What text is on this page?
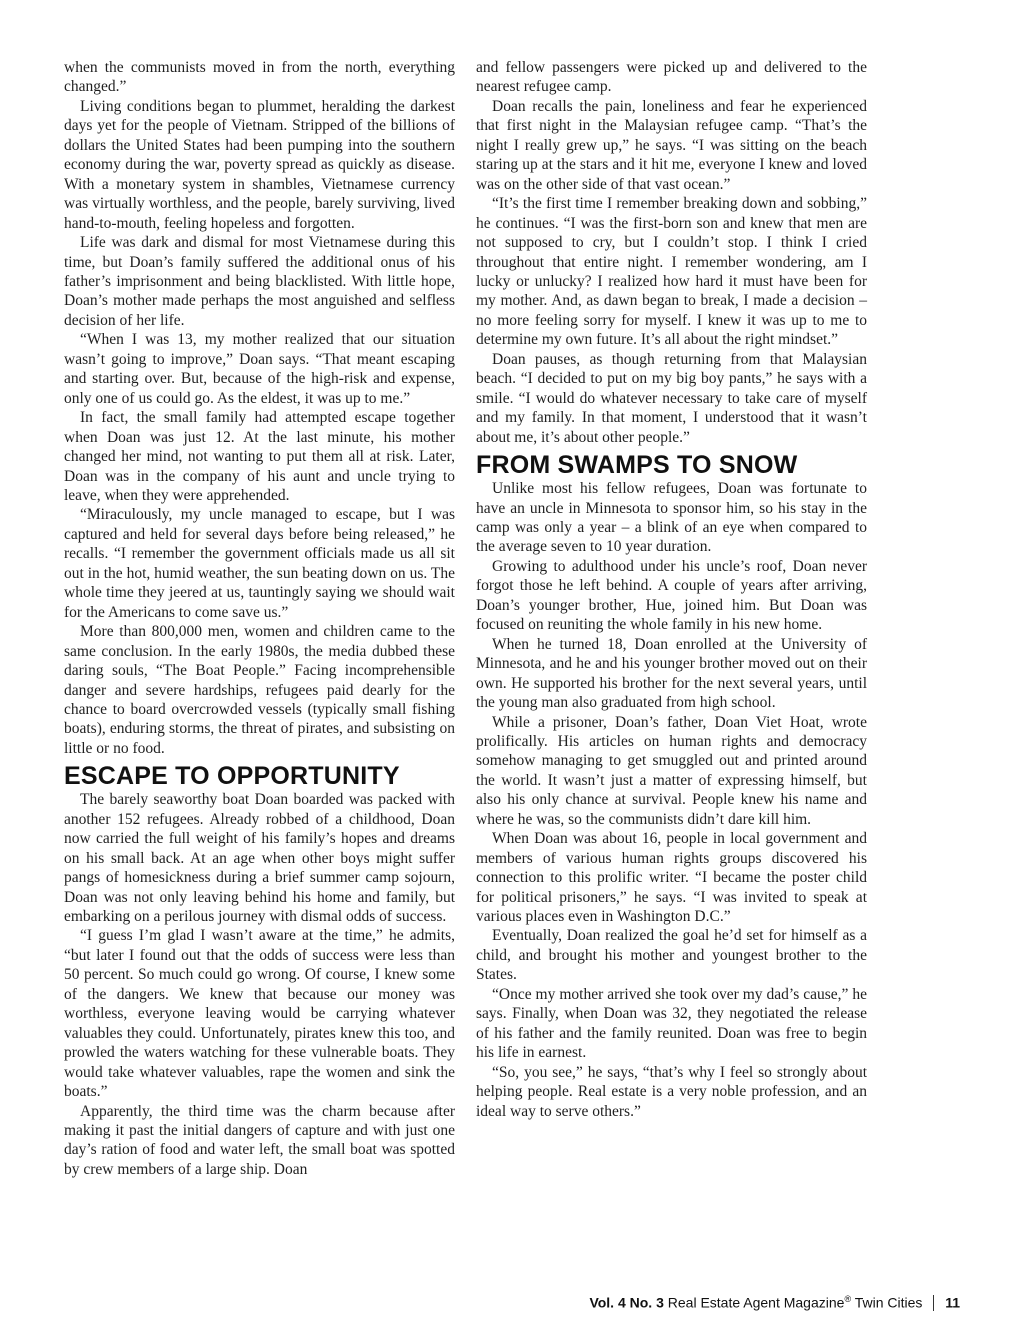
when the communists moved in from the north, everything changed.”

Living conditions began to plummet, heralding the darkest days yet for the people of Vietnam. Stripped of the billions of dollars the United States had been pumping into the southern economy during the war, poverty spread as quickly as disease. With a monetary system in shambles, Vietnamese currency was virtually worthless, and the people, barely surviving, lived hand-to-mouth, feeling hopeless and forgotten.

Life was dark and dismal for most Vietnamese during this time, but Doan’s family suffered the additional onus of his father’s imprisonment and being blacklisted. With little hope, Doan’s mother made perhaps the most anguished and selfless decision of her life.

“When I was 13, my mother realized that our situation wasn’t going to improve,” Doan says. “That meant escaping and starting over. But, because of the high-risk and expense, only one of us could go. As the eldest, it was up to me.”

In fact, the small family had attempted escape together when Doan was just 12. At the last minute, his mother changed her mind, not wanting to put them all at risk. Later, Doan was in the company of his aunt and uncle trying to leave, when they were apprehended.

“Miraculously, my uncle managed to escape, but I was captured and held for several days before being released,” he recalls. “I remember the government officials made us all sit out in the hot, humid weather, the sun beating down on us. The whole time they jeered at us, tauntingly saying we should wait for the Americans to come save us.”

More than 800,000 men, women and children came to the same conclusion. In the early 1980s, the media dubbed these daring souls, “The Boat People.” Facing incomprehensible danger and severe hardships, refugees paid dearly for the chance to board overcrowded vessels (typically small fishing boats), enduring storms, the threat of pirates, and subsisting on little or no food.

ESCAPE TO OPPORTUNITY

The barely seaworthy boat Doan boarded was packed with another 152 refugees. Already robbed of a childhood, Doan now carried the full weight of his family’s hopes and dreams on his small back. At an age when other boys might suffer pangs of homesickness during a brief summer camp sojourn, Doan was not only leaving behind his home and family, but embarking on a perilous journey with dismal odds of success.

“I guess I’m glad I wasn’t aware at the time,” he admits, “but later I found out that the odds of success were less than 50 percent. So much could go wrong. Of course, I knew some of the dangers. We knew that because our money was worthless, everyone leaving would be carrying whatever valuables they could. Unfortunately, pirates knew this too, and prowled the waters watching for these vulnerable boats. They would take whatever valuables, rape the women and sink the boats.”

Apparently, the third time was the charm because after making it past the initial dangers of capture and with just one day’s ration of food and water left, the small boat was spotted by crew members of a large ship. Doan

and fellow passengers were picked up and delivered to the nearest refugee camp.

Doan recalls the pain, loneliness and fear he experienced that first night in the Malaysian refugee camp. “That’s the night I really grew up,” he says. “I was sitting on the beach staring up at the stars and it hit me, everyone I knew and loved was on the other side of that vast ocean.”

“It’s the first time I remember breaking down and sobbing,” he continues. “I was the first-born son and knew that men are not supposed to cry, but I couldn’t stop. I think I cried throughout that entire night. I remember wondering, am I lucky or unlucky? I realized how hard it must have been for my mother. And, as dawn began to break, I made a decision – no more feeling sorry for myself. I knew it was up to me to determine my own future. It’s all about the right mindset.”

Doan pauses, as though returning from that Malaysian beach. “I decided to put on my big boy pants,” he says with a smile. “I would do whatever necessary to take care of myself and my family. In that moment, I understood that it wasn’t about me, it’s about other people.”

FROM SWAMPS TO SNOW

Unlike most his fellow refugees, Doan was fortunate to have an uncle in Minnesota to sponsor him, so his stay in the camp was only a year – a blink of an eye when compared to the average seven to 10 year duration.

Growing to adulthood under his uncle’s roof, Doan never forgot those he left behind. A couple of years after arriving, Doan’s younger brother, Hue, joined him. But Doan was focused on reuniting the whole family in his new home.

When he turned 18, Doan enrolled at the University of Minnesota, and he and his younger brother moved out on their own. He supported his brother for the next several years, until the young man also graduated from high school.

While a prisoner, Doan’s father, Doan Viet Hoat, wrote prolifically. His articles on human rights and democracy somehow managing to get smuggled out and printed around the world. It wasn’t just a matter of expressing himself, but also his only chance at survival. People knew his name and where he was, so the communists didn’t dare kill him.

When Doan was about 16, people in local government and members of various human rights groups discovered his connection to this prolific writer. “I became the poster child for political prisoners,” he says. “I was invited to speak at various places even in Washington D.C.”

Eventually, Doan realized the goal he’d set for himself as a child, and brought his mother and youngest brother to the States.

“Once my mother arrived she took over my dad’s cause,” he says. Finally, when Doan was 32, they negotiated the release of his father and the family reunited. Doan was free to begin his life in earnest.

“So, you see,” he says, “that’s why I feel so strongly about helping people. Real estate is a very noble profession, and an ideal way to serve others.”

Vol. 4 No. 3 Real Estate Agent Magazine® Twin Cities 11
